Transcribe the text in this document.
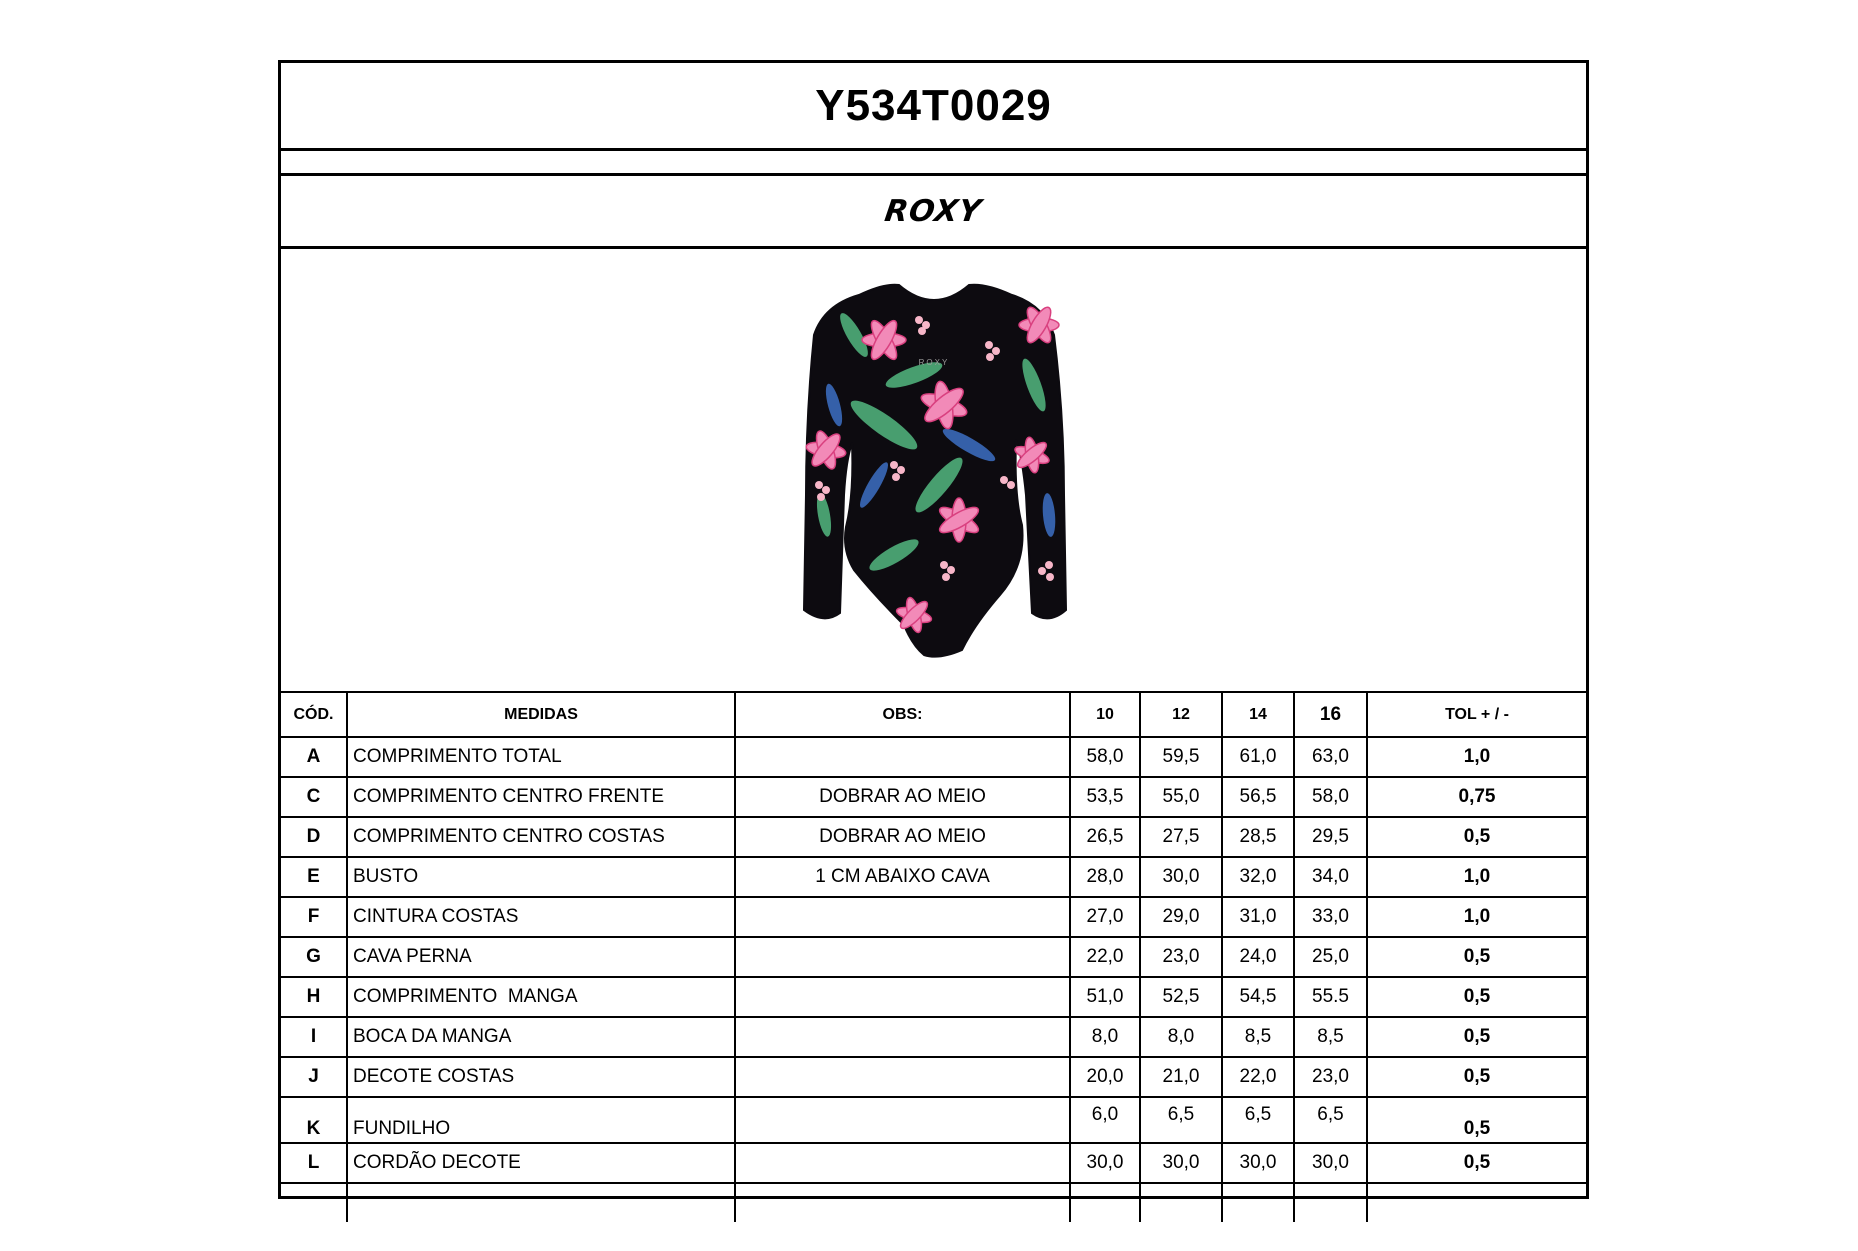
Y534T0029
ROXY
ROXY
CÓD.	MEDIDAS	OBS:	10	12	14	16	TOL + / -
A	COMPRIMENTO TOTAL		58,0	59,5	61,0	63,0	1,0
C	COMPRIMENTO CENTRO FRENTE	DOBRAR AO MEIO	53,5	55,0	56,5	58,0	0,75
D	COMPRIMENTO CENTRO COSTAS	DOBRAR AO MEIO	26,5	27,5	28,5	29,5	0,5
E	BUSTO	1 CM ABAIXO CAVA	28,0	30,0	32,0	34,0	1,0
F	CINTURA COSTAS		27,0	29,0	31,0	33,0	1,0
G	CAVA PERNA		22,0	23,0	24,0	25,0	0,5
H	COMPRIMENTO  MANGA		51,0	52,5	54,5	55.5	0,5
I	BOCA DA MANGA		8,0	8,0	8,5	8,5	0,5
J	DECOTE COSTAS		20,0	21,0	22,0	23,0	0,5
K	FUNDILHO		6,0	6,5	6,5	6,5	0,5
L	CORDÃO DECOTE		30,0	30,0	30,0	30,0	0,5
